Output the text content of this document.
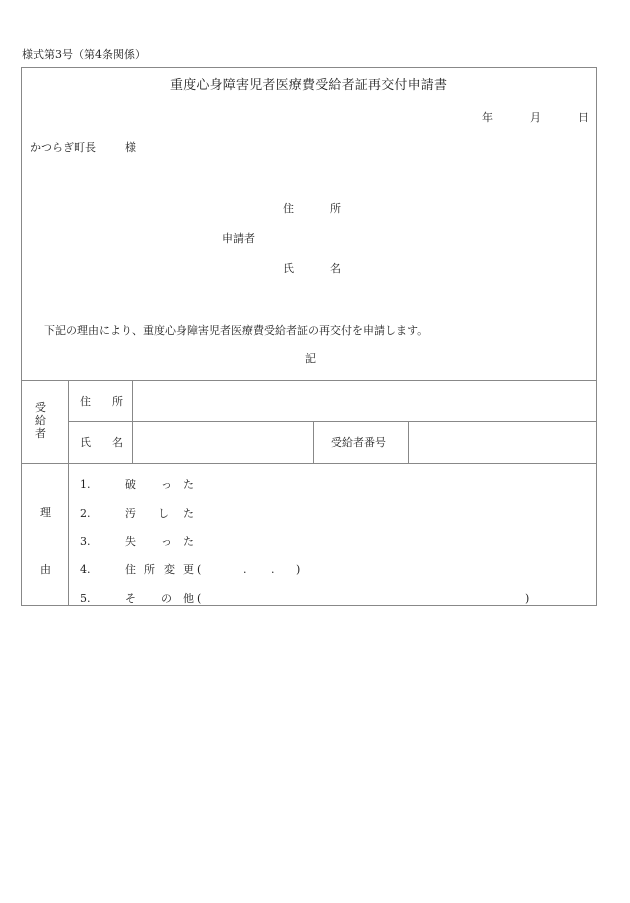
様式第3号（第4条関係）
重度心身障害児者医療費受給者証再交付申請書
年	月	日
かつらぎ町長	様
住	所
申請者
氏	名
下記の理由により、重度心身障害児者医療費受給者証の再交付を申請します。
記
受
給
者
住 所
氏 名	受給者番号
理
由
1.	破 っ た
2.	汚 し た
3.	失 っ た
4.	住 所 変 更 (	. . )
5.	そ の 他 (	)
